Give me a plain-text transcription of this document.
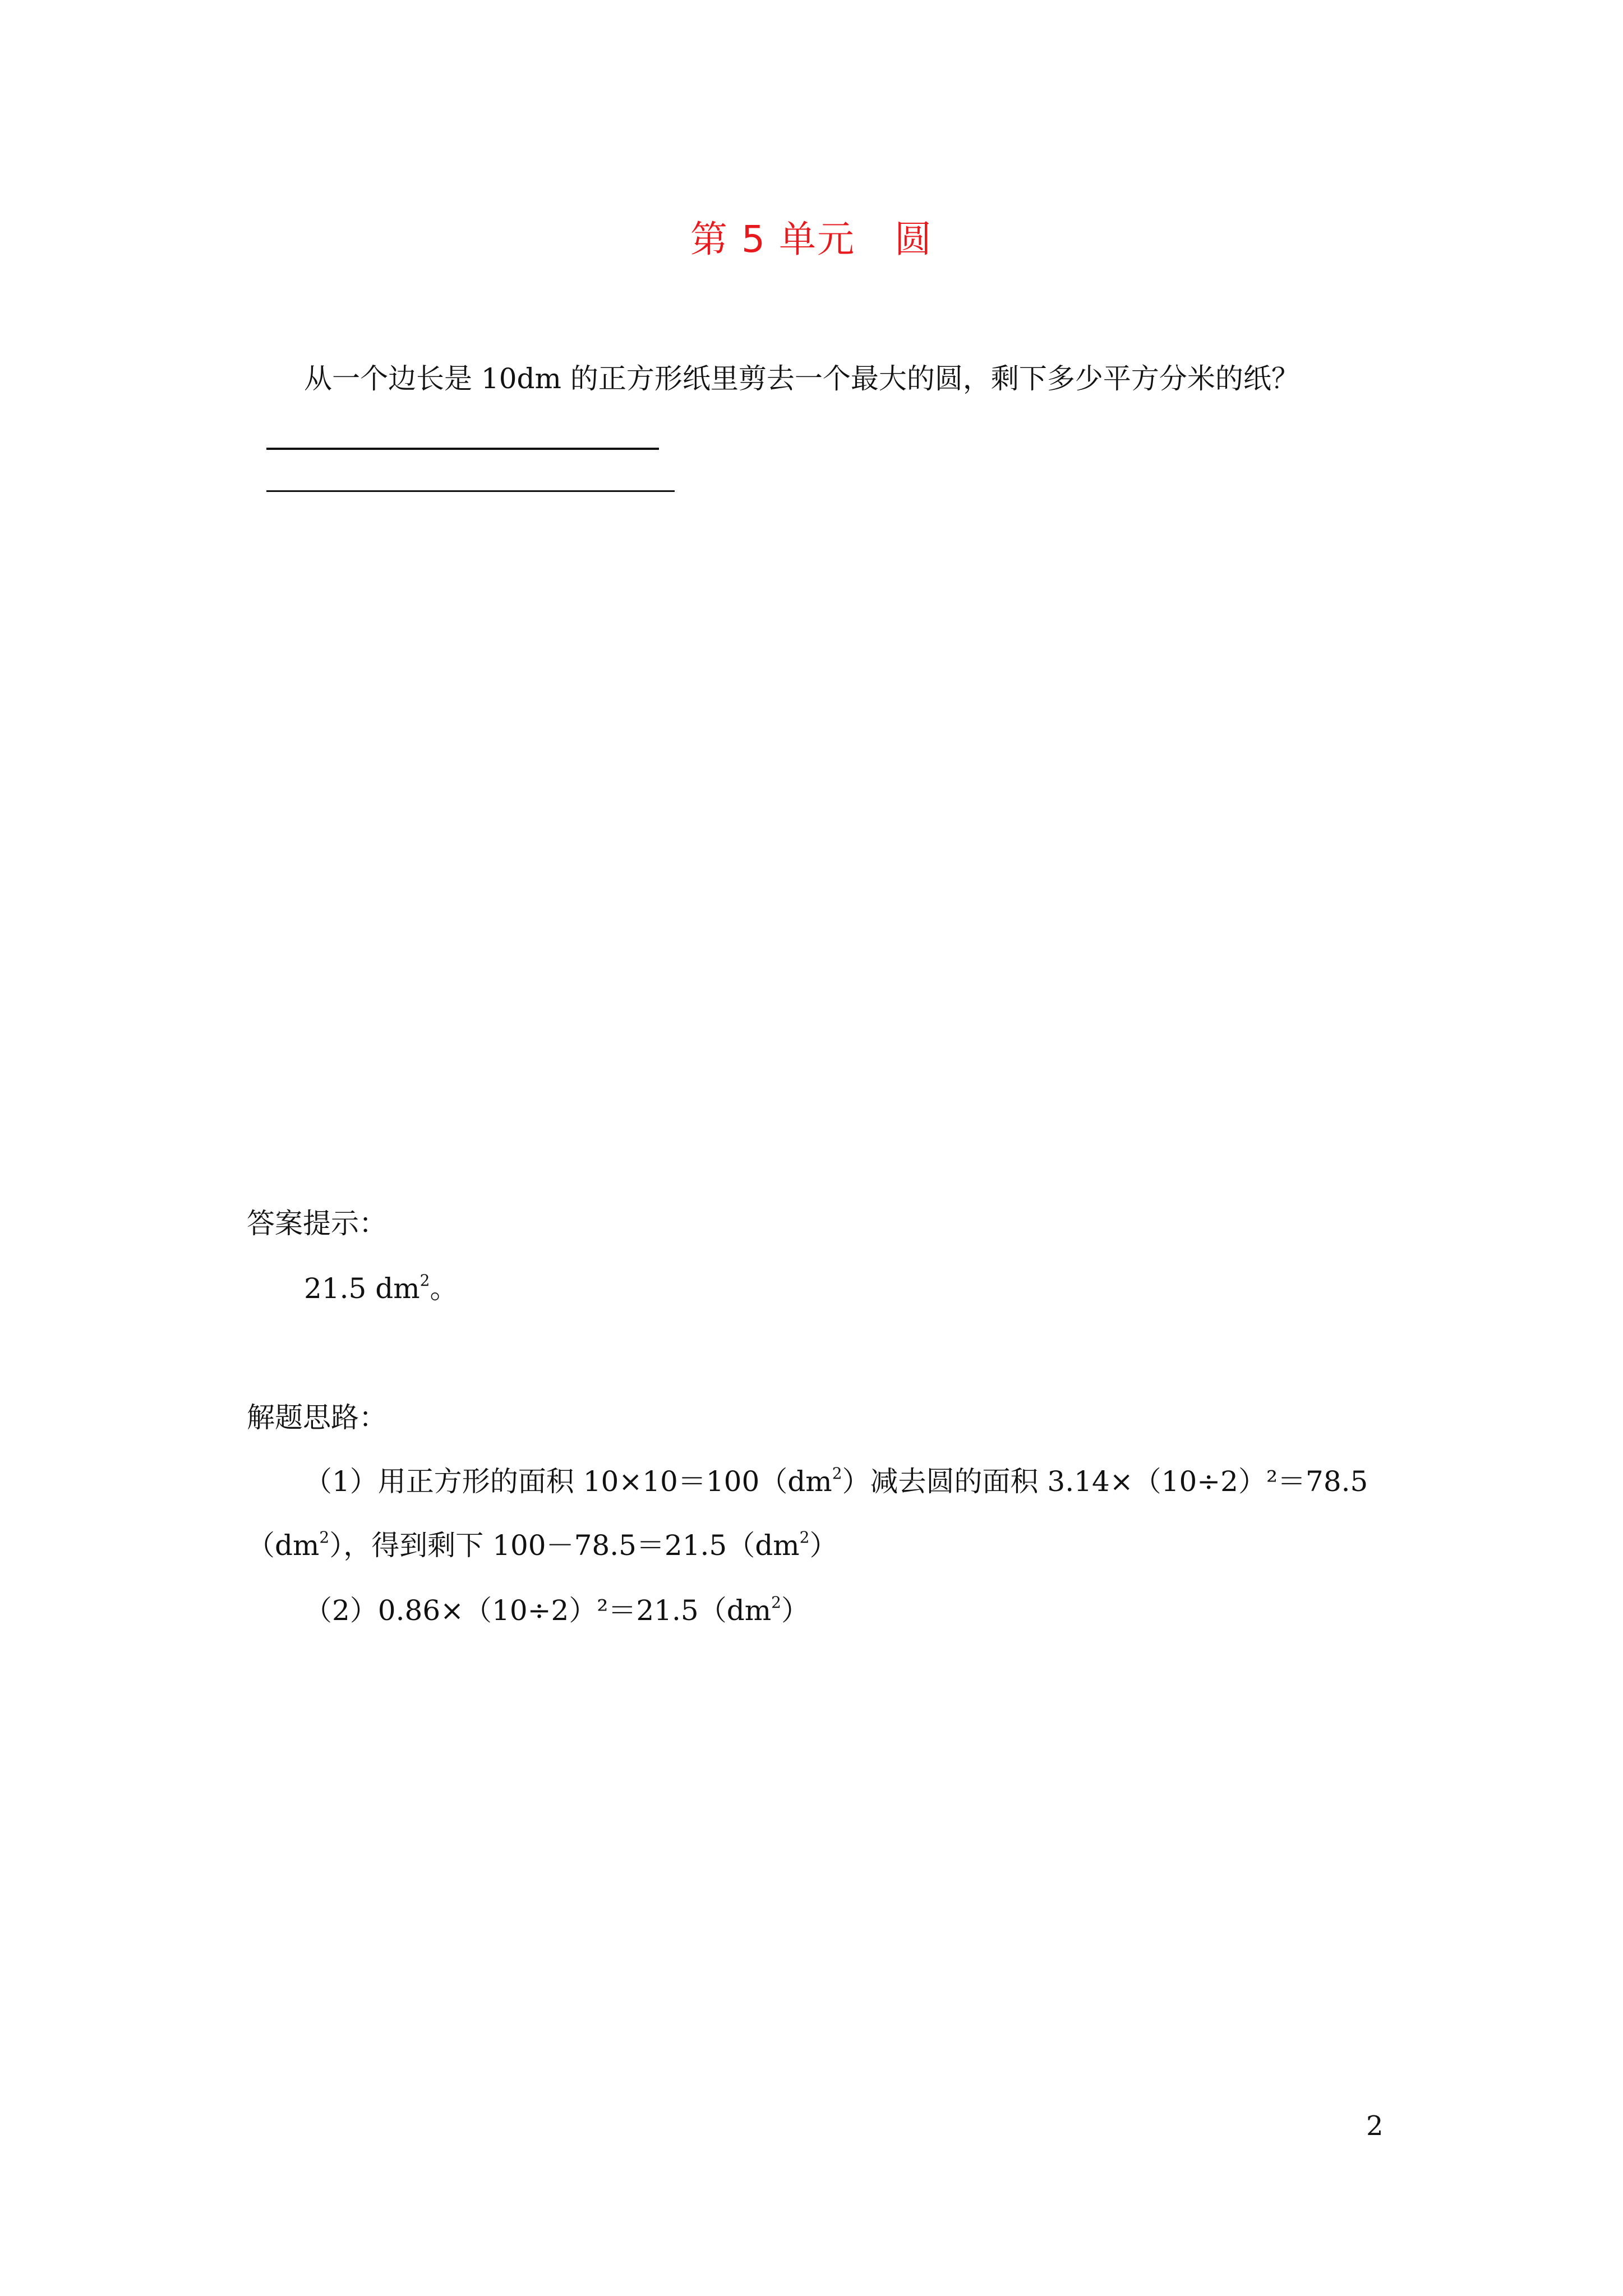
第 5 单元 圆
从一个边长是 10dm 的正方形纸里剪去一个最大的圆，剩下多少平方分米的纸？
答案提示：
21.5 $dm^2$。
解题思路：
（1）用正方形的面积 $10\times 10=100(dm^2)$减去圆的面积 3.14×（10÷2）²＝78.5
$(dm^2)$，得到剩下 $100-78.5=21.5(dm^2)$
$(2)0.86\times(10\div 2)^2=21.5(dm^2)$
2
